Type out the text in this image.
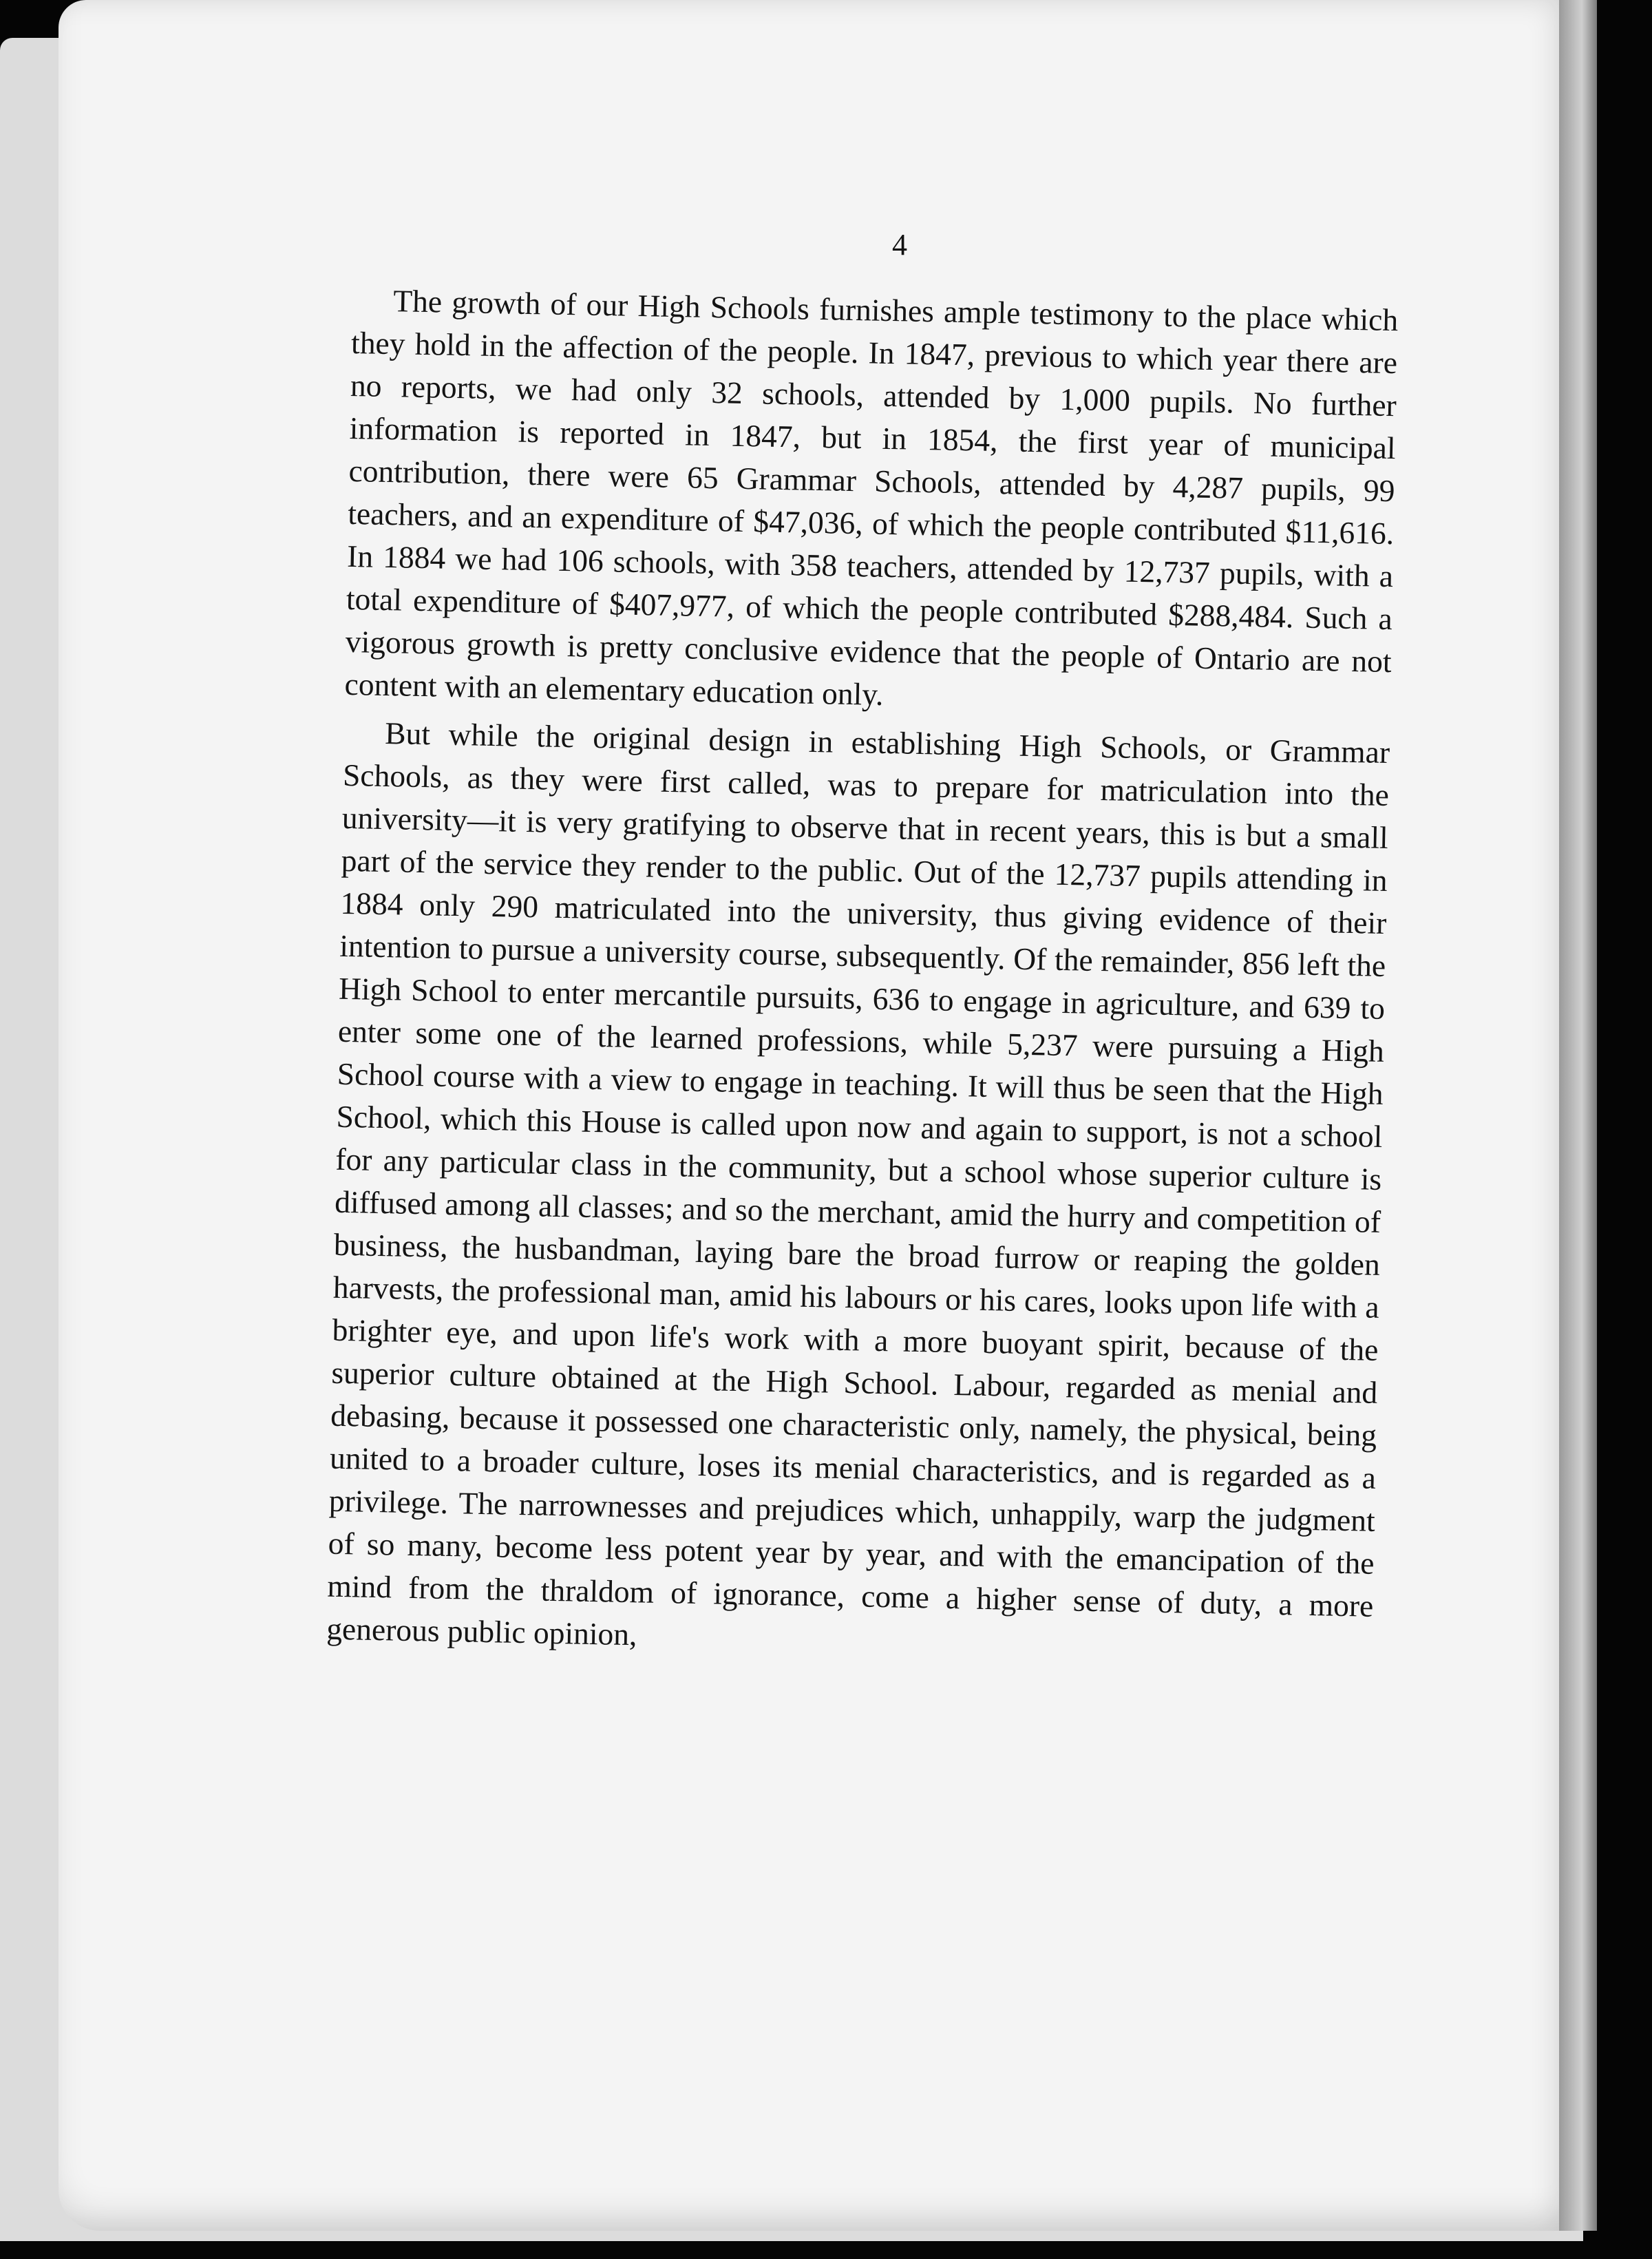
4

The growth of our High Schools furnishes ample testimony to the place which they hold in the affection of the people. In 1847, previous to which year there are no reports, we had only 32 schools, attended by 1,000 pupils. No further information is reported in 1847, but in 1854, the first year of municipal contribution, there were 65 Grammar Schools, attended by 4,287 pupils, 99 teachers, and an expenditure of $47,036, of which the people contributed $11,616. In 1884 we had 106 schools, with 358 teachers, attended by 12,737 pupils, with a total expenditure of $407,977, of which the people contributed $288,484. Such a vigorous growth is pretty conclusive evidence that the people of Ontario are not content with an elementary education only.

But while the original design in establishing High Schools, or Grammar Schools, as they were first called, was to prepare for matriculation into the university—it is very gratifying to observe that in recent years, this is but a small part of the service they render to the public. Out of the 12,737 pupils attending in 1884 only 290 matriculated into the university, thus giving evidence of their intention to pursue a university course, subsequently. Of the remainder, 856 left the High School to enter mercantile pursuits, 636 to engage in agriculture, and 639 to enter some one of the learned professions, while 5,237 were pursuing a High School course with a view to engage in teaching. It will thus be seen that the High School, which this House is called upon now and again to support, is not a school for any particular class in the community, but a school whose superior culture is diffused among all classes; and so the merchant, amid the hurry and competition of business, the husbandman, laying bare the broad furrow or reaping the golden harvests, the professional man, amid his labours or his cares, looks upon life with a brighter eye, and upon life's work with a more buoyant spirit, because of the superior culture obtained at the High School. Labour, regarded as menial and debasing, because it possessed one characteristic only, namely, the physical, being united to a broader culture, loses its menial characteristics, and is regarded as a privilege. The narrownesses and prejudices which, unhappily, warp the judgment of so many, become less potent year by year, and with the emancipation of the mind from the thraldom of ignorance, come a higher sense of duty, a more generous public opinion,
